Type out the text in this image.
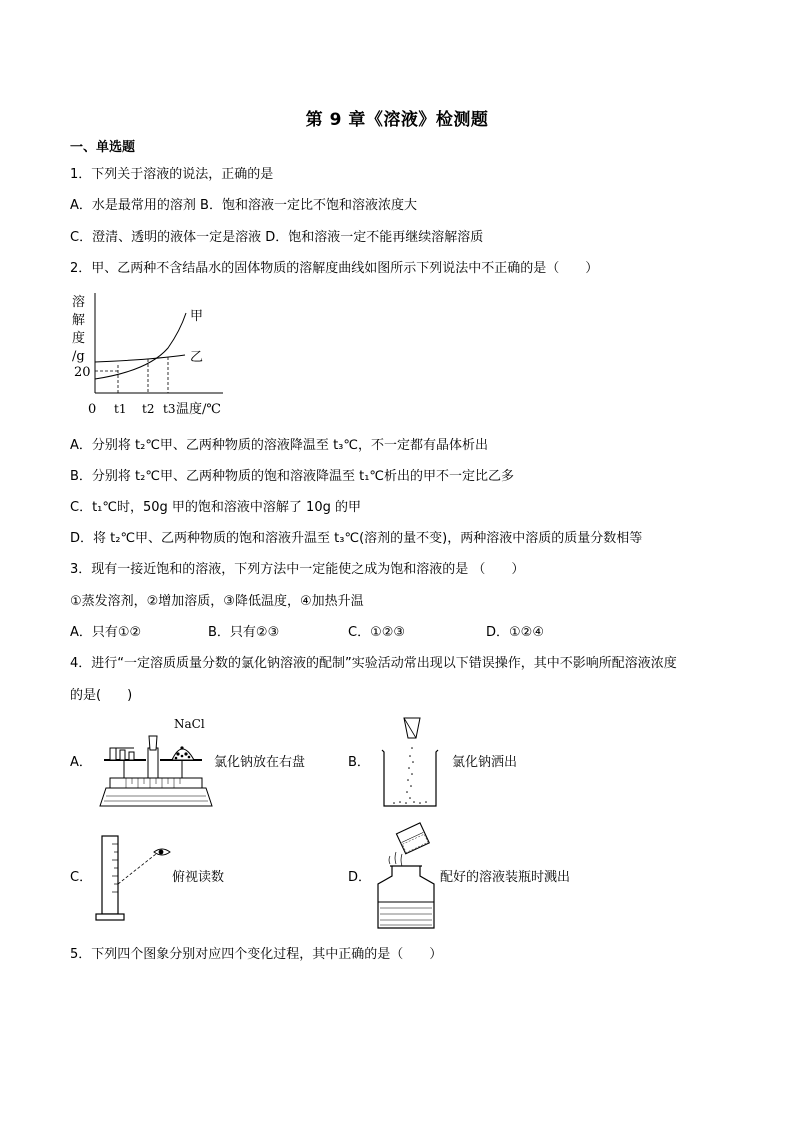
第 9 章《溶液》检测题
一、单选题
1．下列关于溶液的说法，正确的是
A．水是最常用的溶剂 B．饱和溶液一定比不饱和溶液浓度大
C．澄清、透明的液体一定是溶液 D．饱和溶液一定不能再继续溶解溶质
2．甲、乙两种不含结晶水的固体物质的溶解度曲线如图所示下列说法中不正确的是（　　）
溶
解
度
/g
20
0 t1 t2 t3 温度/℃
甲
乙
A．分别将 t₂℃甲、乙两种物质的溶液降温至 t₃℃，不一定都有晶体析出
B．分别将 t₂℃甲、乙两种物质的饱和溶液降温至 t₁℃析出的甲不一定比乙多
C．t₁℃时，50g 甲的饱和溶液中溶解了 10g 的甲
D．将 t₂℃甲、乙两种物质的饱和溶液升温至 t₃℃(溶剂的量不变)，两种溶液中溶质的质量分数相等
3．现有一接近饱和的溶液，下列方法中一定能使之成为饱和溶液的是 （　　）
①蒸发溶剂，②增加溶质，③降低温度，④加热升温
A．只有①②	B．只有②③	C．①②③	D．①②④
4．进行“一定溶质质量分数的氯化钠溶液的配制”实验活动常出现以下错误操作，其中不影响所配溶液浓度
的是(　　)
A．
NaCl
氯化钠放在右盘	B．	氯化钠洒出
C．	俯视读数	D．	配好的溶液装瓶时溅出
5．下列四个图象分别对应四个变化过程，其中正确的是（　　）
